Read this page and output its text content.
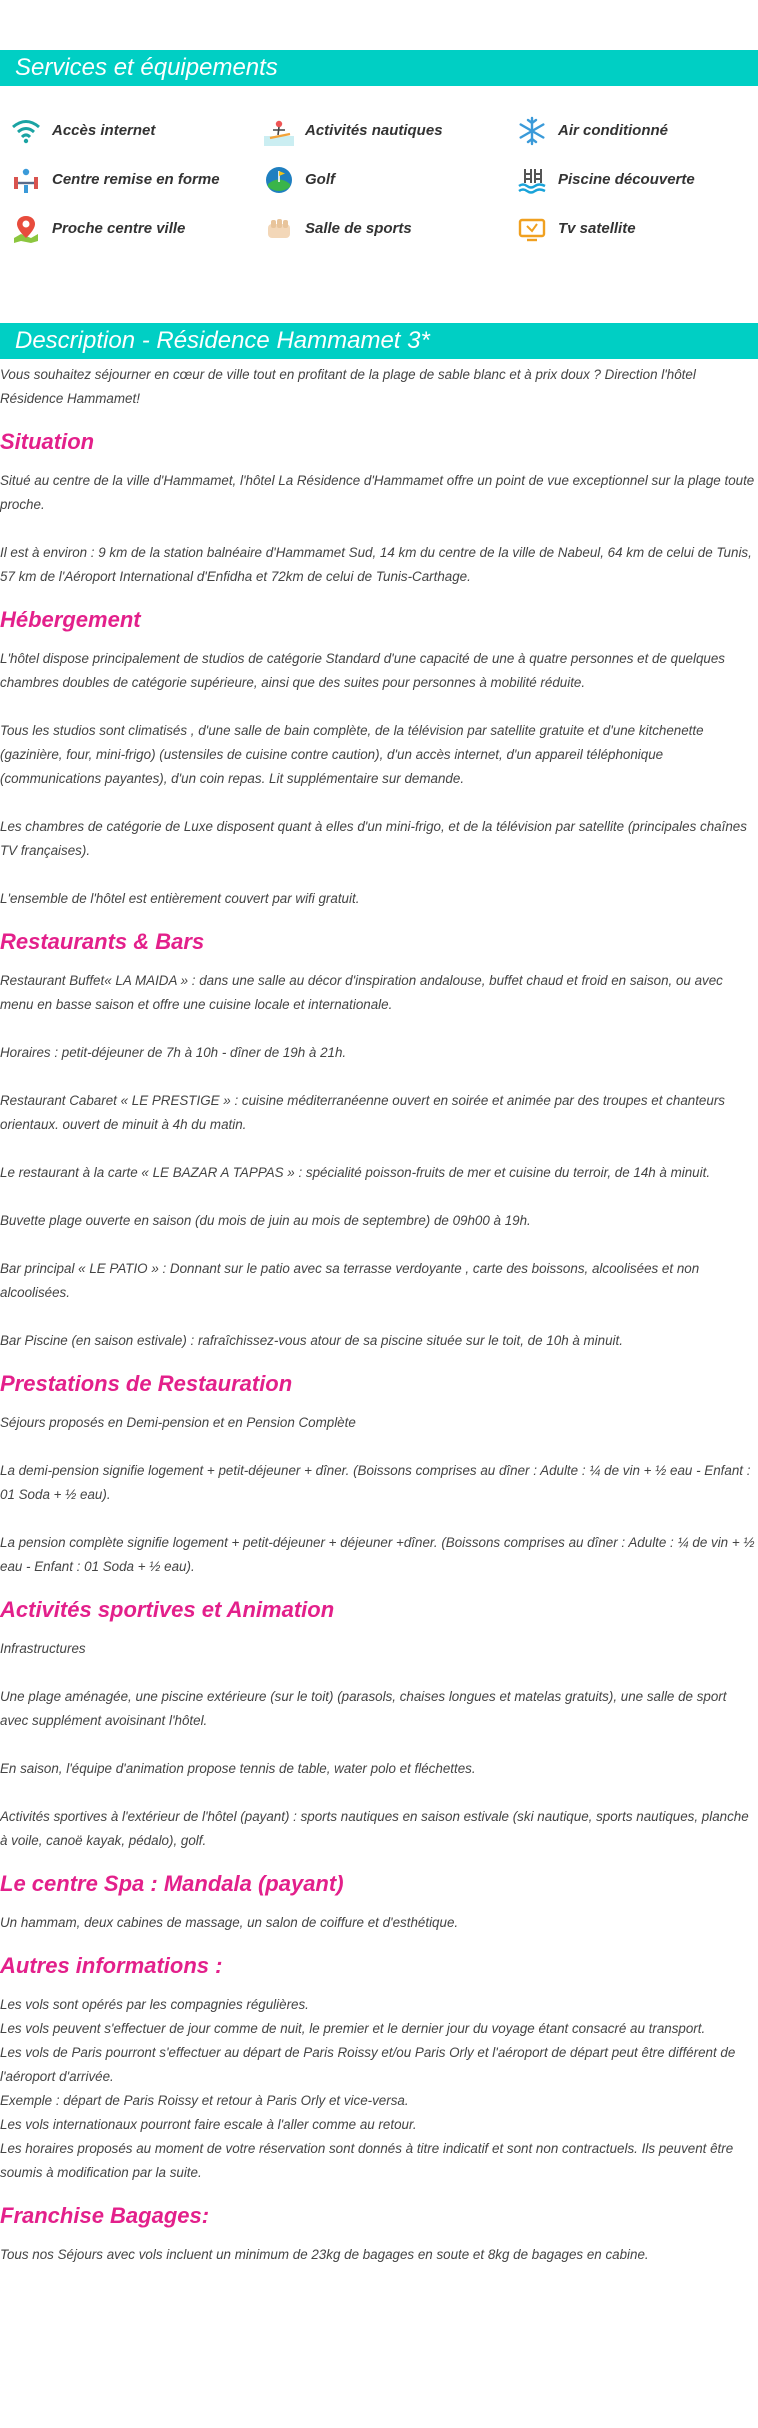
Services et équipements
Accès internet	Activités nautiques	Air conditionné
Centre remise en forme	Golf	Piscine découverte
Proche centre ville	Salle de sports	Tv satellite
Description - Résidence Hammamet 3*

Vous souhaitez séjourner en cœur de ville tout en profitant de la plage de sable blanc et à prix doux ? Direction l'hôtel Résidence Hammamet!

Situation

Situé au centre de la ville d'Hammamet, l'hôtel La Résidence d'Hammamet offre un point de vue exceptionnel sur la plage toute proche.

Il est à environ : 9 km de la station balnéaire d'Hammamet Sud, 14 km du centre de la ville de Nabeul, 64 km de celui de Tunis, 57 km de l'Aéroport International d'Enfidha et 72km de celui de Tunis-Carthage.

Hébergement

L'hôtel dispose principalement de studios de catégorie Standard d'une capacité de une à quatre personnes et de quelques chambres doubles de catégorie supérieure, ainsi que des suites pour personnes à mobilité réduite.

Tous les studios sont climatisés , d'une salle de bain complète, de la télévision par satellite gratuite et d'une kitchenette (gazinière, four, mini-frigo) (ustensiles de cuisine contre caution), d'un accès internet, d'un appareil téléphonique (communications payantes), d'un coin repas. Lit supplémentaire sur demande.

Les chambres de catégorie de Luxe disposent quant à elles d'un mini-frigo, et de la télévision par satellite (principales chaînes TV françaises).

L'ensemble de l'hôtel est entièrement couvert par wifi gratuit.

Restaurants & Bars

Restaurant Buffet« LA MAIDA » : dans une salle au décor d'inspiration andalouse, buffet chaud et froid en saison, ou avec menu en basse saison et offre une cuisine locale et internationale.

Horaires : petit-déjeuner de 7h à 10h - dîner de 19h à 21h.

Restaurant Cabaret « LE PRESTIGE » : cuisine méditerranéenne ouvert en soirée et animée par des troupes et chanteurs orientaux. ouvert de minuit à 4h du matin.

Le restaurant à la carte « LE BAZAR A TAPPAS » : spécialité poisson-fruits de mer et cuisine du terroir, de 14h à minuit.

Buvette plage ouverte en saison (du mois de juin au mois de septembre) de 09h00 à 19h.

Bar principal « LE PATIO » : Donnant sur le patio avec sa terrasse verdoyante , carte des boissons, alcoolisées et non alcoolisées.

Bar Piscine (en saison estivale) : rafraîchissez-vous atour de sa piscine située sur le toit, de 10h à minuit.

Prestations de Restauration

Séjours proposés en Demi-pension et en Pension Complète

La demi-pension signifie logement + petit-déjeuner + dîner. (Boissons comprises au dîner : Adulte : ¼ de vin + ½ eau - Enfant : 01 Soda + ½ eau).

La pension complète signifie logement + petit-déjeuner + déjeuner +dîner. (Boissons comprises au dîner : Adulte : ¼ de vin + ½ eau - Enfant : 01 Soda + ½ eau).

Activités sportives et Animation

Infrastructures

Une plage aménagée, une piscine extérieure (sur le toit) (parasols, chaises longues et matelas gratuits), une salle de sport avec supplément avoisinant l'hôtel.

En saison, l'équipe d'animation propose tennis de table, water polo et fléchettes.

Activités sportives à l'extérieur de l'hôtel (payant) : sports nautiques en saison estivale (ski nautique, sports nautiques, planche à voile, canoë kayak, pédalo), golf.

Le centre Spa : Mandala (payant)

Un hammam, deux cabines de massage, un salon de coiffure et d'esthétique.

Autres informations :

Les vols sont opérés par les compagnies régulières.

Les vols peuvent s'effectuer de jour comme de nuit, le premier et le dernier jour du voyage étant consacré au transport.

Les vols de Paris pourront s'effectuer au départ de Paris Roissy et/ou Paris Orly et l'aéroport de départ peut être différent de l'aéroport d'arrivée.

Exemple : départ de Paris Roissy et retour à Paris Orly et vice-versa.

Les vols internationaux pourront faire escale à l'aller comme au retour.

Les horaires proposés au moment de votre réservation sont donnés à titre indicatif et sont non contractuels. Ils peuvent être soumis à modification par la suite.

Franchise Bagages:

Tous nos Séjours avec vols incluent un minimum de 23kg de bagages en soute et 8kg de bagages en cabine.
